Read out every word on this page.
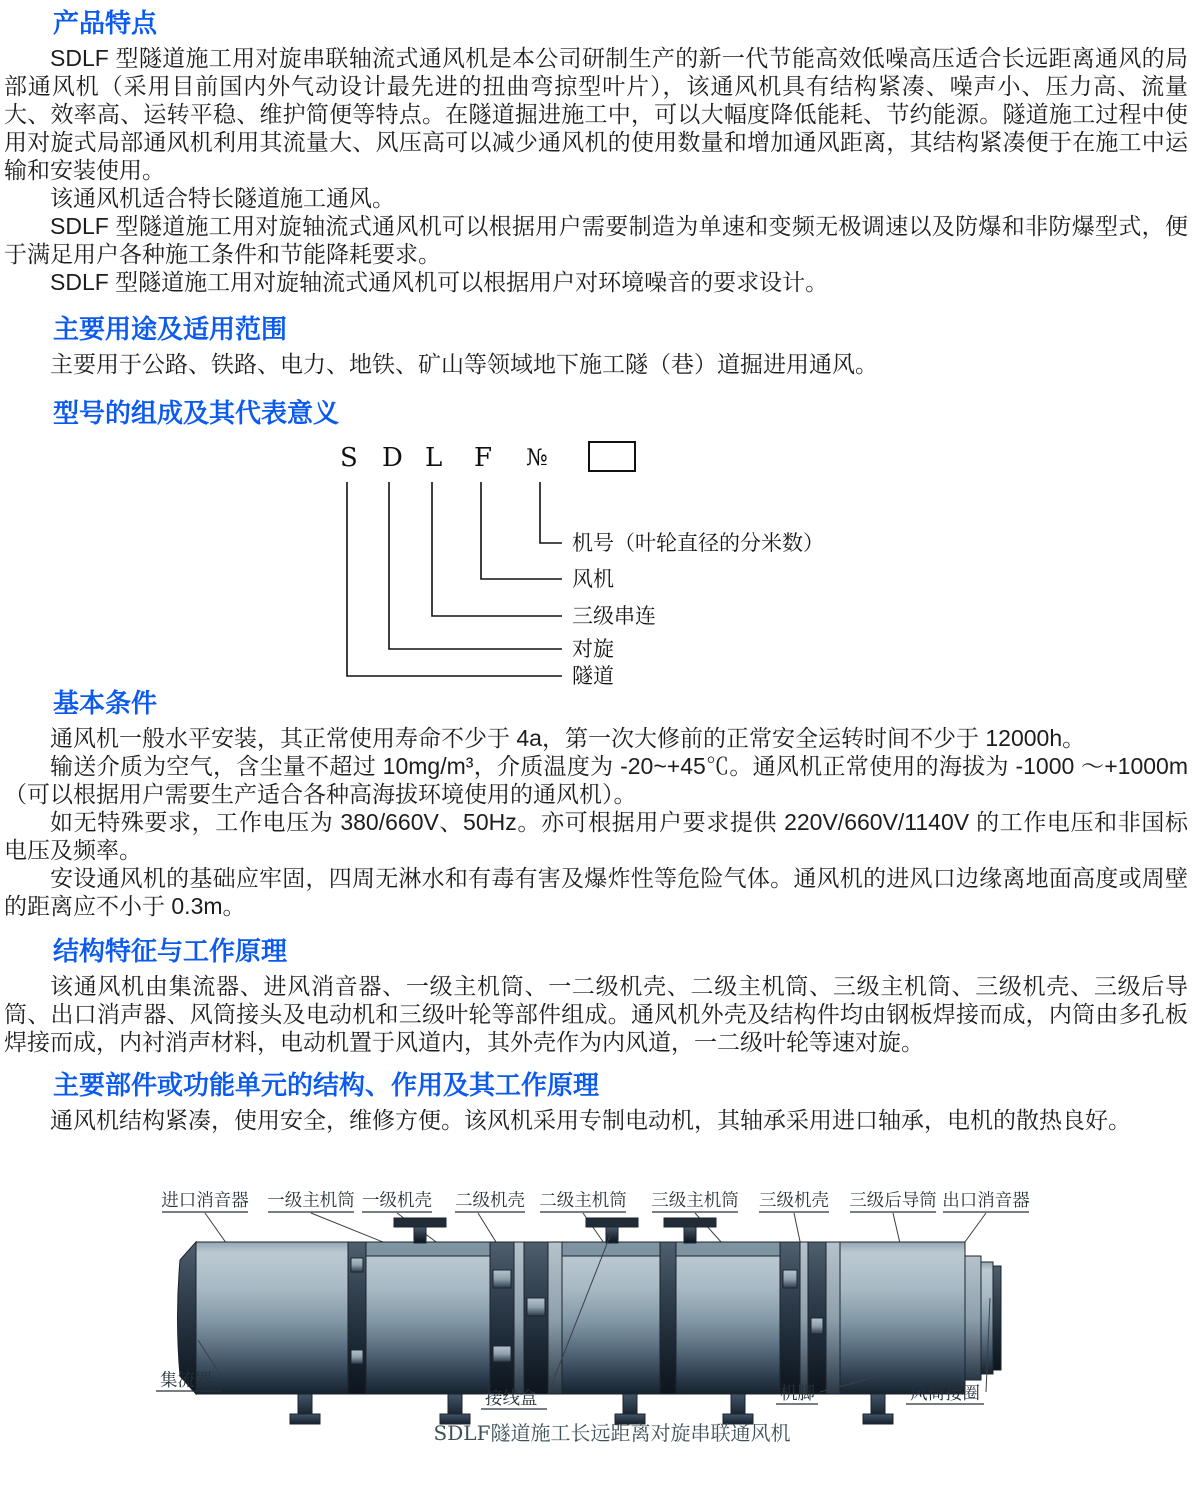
产品特点

SDLF 型隧道施工用对旋串联轴流式通风机是本公司研制生产的新一代节能高效低噪高压适合长远距离通风的局部通风机（采用目前国内外气动设计最先进的扭曲弯掠型叶片），该通风机具有结构紧凑、噪声小、压力高、流量大、效率高、运转平稳、维护简便等特点。在隧道掘进施工中，可以大幅度降低能耗、节约能源。隧道施工过程中使用对旋式局部通风机利用其流量大、风压高可以减少通风机的使用数量和增加通风距离，其结构紧凑便于在施工中运输和安装使用。

该通风机适合特长隧道施工通风。

SDLF 型隧道施工用对旋轴流式通风机可以根据用户需要制造为单速和变频无极调速以及防爆和非防爆型式，便于满足用户各种施工条件和节能降耗要求。

SDLF 型隧道施工用对旋轴流式通风机可以根据用户对环境噪音的要求设计。

主要用途及适用范围

主要用于公路、铁路、电力、地铁、矿山等领域地下施工隧（巷）道掘进用通风。

型号的组成及其代表意义
S D L F №
机号（叶轮直径的分米数）
风机
三级串连
对旋
隧道
基本条件

通风机一般水平安装，其正常使用寿命不少于 4a，第一次大修前的正常安全运转时间不少于 12000h。

输送介质为空气，含尘量不超过 10mg/m³，介质温度为 -20~+45℃。通风机正常使用的海拔为 -1000 ～+1000m（可以根据用户需要生产适合各种高海拔环境使用的通风机）。

如无特殊要求，工作电压为 380/660V、50Hz。亦可根据用户要求提供 220V/660V/1140V 的工作电压和非国标电压及频率。

安设通风机的基础应牢固，四周无淋水和有毒有害及爆炸性等危险气体。通风机的进风口边缘离地面高度或周壁的距离应不小于 0.3m。

结构特征与工作原理

该通风机由集流器、进风消音器、一级主机筒、一二级机壳、二级主机筒、三级主机筒、三级机壳、三级后导筒、出口消声器、风筒接头及电动机和三级叶轮等部件组成。通风机外壳及结构件均由钢板焊接而成，内筒由多孔板焊接而成，内衬消声材料，电动机置于风道内，其外壳作为内风道，一二级叶轮等速对旋。

主要部件或功能单元的结构、作用及其工作原理

通风机结构紧凑，使用安全，维修方便。该风机采用专制电动机，其轴承采用进口轴承，电机的散热良好。

进口消音器 一级主机筒 一级机壳 二级机壳 二级主机筒 三级主机筒 三级机壳 三级后导筒 出口消音器
集流器
接线盒	机脚	风筒接圈
SDLF隧道施工长远距离对旋串联通风机
